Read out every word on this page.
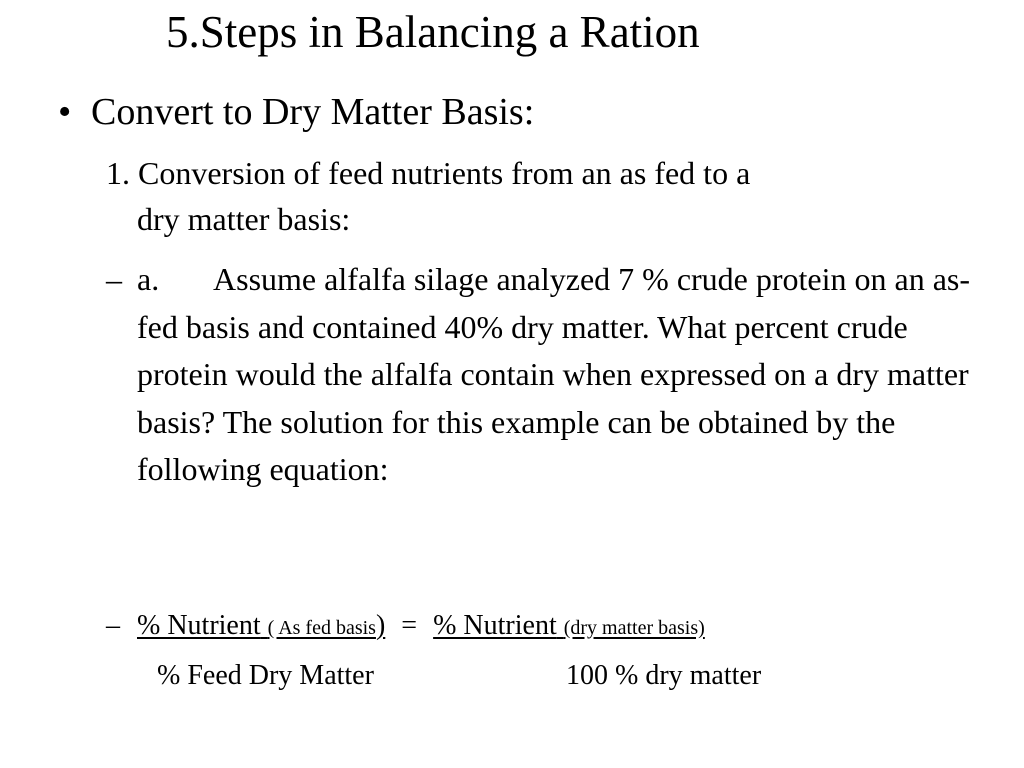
5.Steps in Balancing a Ration
• Convert to Dry Matter Basis:
1. Conversion of feed nutrients from an as fed to a
dry matter basis:
– a. Assume alfalfa silage analyzed 7 % crude protein on an as-fed basis and contained 40% dry matter. What percent crude protein would the alfalfa contain when expressed on a dry matter basis? The solution for this example can be obtained by the following equation:
– % Nutrient ( As fed basis) = % Nutrient (dry matter basis)
% Feed Dry Matter	100 % dry matter
